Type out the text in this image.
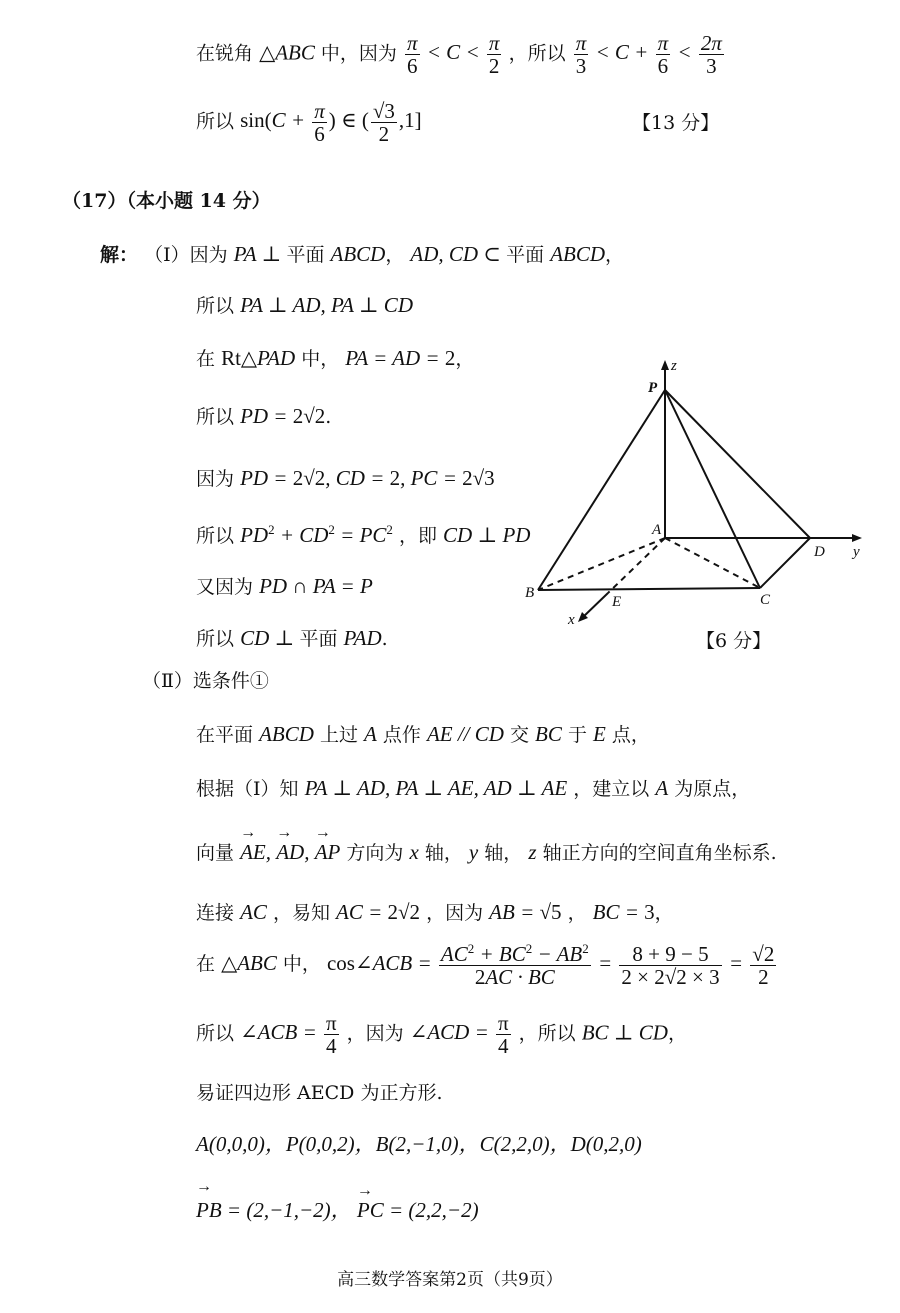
在锐角 △ABC 中，因为 $\frac{\pi}{6} < C < \frac{\pi}{2}$ ，所以 $\frac{\pi}{3} < C + \frac{\pi}{6} < \frac{2\pi}{3}$
所以 $\sin(C + \frac{\pi}{6}$ ) ∈ ( $\frac{√3}{2} ,1$]	【13 分】
（17）（本小题 14 分）
解： （Ⅰ）因为 PA ⊥ 平面 ABCD， AD, CD ⊂ 平面 ABCD，
所以 PA ⊥ AD, PA ⊥ CD
在 Rt△PAD 中， PA = AD = 2，
所以 PD = 2√2.
因为 PD = 2√2, CD = 2, PC = 2√3
所以 $PD^2 + CD^2 = PC^2$ ，即 CD ⊥ PD
又因为 PD ∩ PA = P
所以 CD ⊥ 平面 PAD.	【6 分】
z
P
A
D y
B	C
E
x
（Ⅱ）选条件①
在平面 ABCD 上过 A 点作 AE // CD 交 BC 于 E 点，
根据（Ⅰ）知 PA ⊥ AD, PA ⊥ AE, AD ⊥ AE ，建立以 A 为原点，
向量 → AE, → AD, → AP 方向为 x 轴， y 轴， z 轴正方向的空间直角坐标系.
连接 AC ，易知 AC = 2√2 ，因为 AB = √5 ， BC = 3，
在 △ABC 中， cos∠ACB = $\frac{AC^2 + BC^2 - AB^2}{2AC \cdot BC} = \frac{8 + 9 - 5}{2 \times 2√2 \times 3} = \frac{√2}{2}$
所以 ∠ACB = $\frac{\pi}{4}$ ，因为 ∠ACD = $\frac{\pi}{4}$ ，所以 BC ⊥ CD，
易证四边形 AECD 为正方形.
A(0,0,0)，P(0,0,2)，B(2,−1,0)，C(2,2,0)，D(0,2,0)
→ PB = (2,−1,−2)， → PC = (2,2,−2)
高三数学答案第2页（共9页）
